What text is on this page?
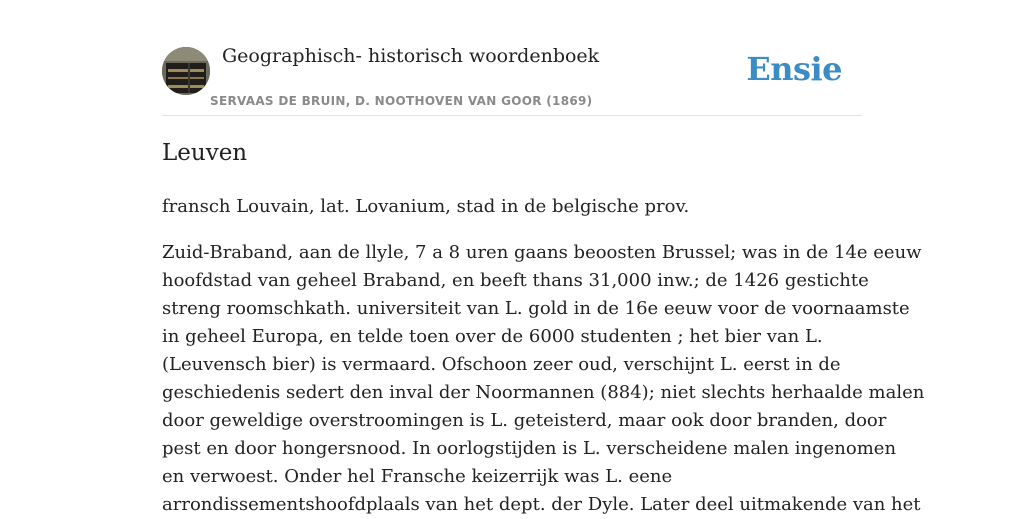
Geographisch- historisch woordenboek
SERVAAS DE BRUIN, D. NOOTHOVEN VAN GOOR (1869)
Ensie
Leuven

fransch Louvain, lat. Lovanium, stad in de belgische prov.

Zuid-Braband, aan de llyle, 7 a 8 uren gaans beoosten Brussel; was in de 14e eeuw
hoofdstad van geheel Braband, en beeft thans 31,000 inw.; de 1426 gestichte
streng roomschkath. universiteit van L. gold in de 16e eeuw voor de voornaamste
in geheel Europa, en telde toen over de 6000 studenten ; het bier van L.
(Leuvensch bier) is vermaard. Ofschoon zeer oud, verschijnt L. eerst in de
geschiedenis sedert den inval der Noormannen (884); niet slechts herhaalde malen
door geweldige overstroomingen is L. geteisterd, maar ook door branden, door
pest en door hongersnood. In oorlogstijden is L. verscheidene malen ingenomen
en verwoest. Onder hel Fransche keizerrijk was L. eene
arrondissementshoofdplaals van het dept. der Dyle. Later deel uitmakende van het
